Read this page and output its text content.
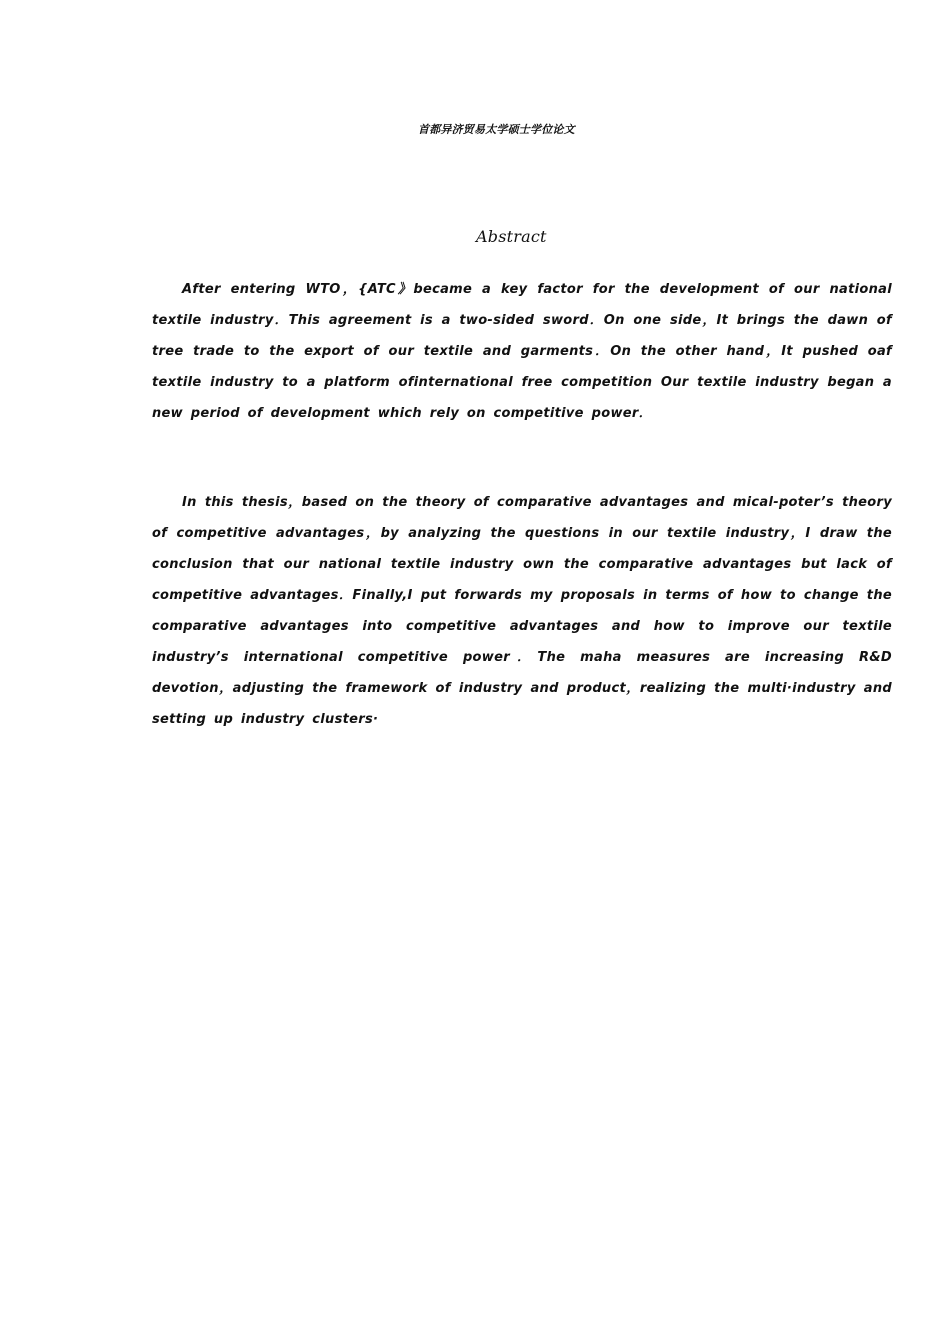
首都异济贸易太学硕士学位论文
Abstract
After entering WTO，{ATC》became a key factor for the development of our national textile industry．This agreement is a two-sided sword．On one side，It brings the dawn of tree trade to the export of our textile and garments．On the other hand，It pushed oaf textile industry to a platform ofinternational free competition Our textile industry began a new period of development which rely on competitive power．
In this thesis，based on the theory of comparative advantages and mical-poter’s theory of competitive advantages，by analyzing the questions in our textile industry，I draw the conclusion that our national textile industry own the comparative advantages but lack of competitive advantages．Finally,I put forwards my proposals in terms of how to change the comparative advantages into competitive advantages and how to improve our textile industry’s international competitive power．The maha measures are increasing R&D devotion，adjusting the framework of industry and product，realizing the multi·industry and setting up industry clusters·
